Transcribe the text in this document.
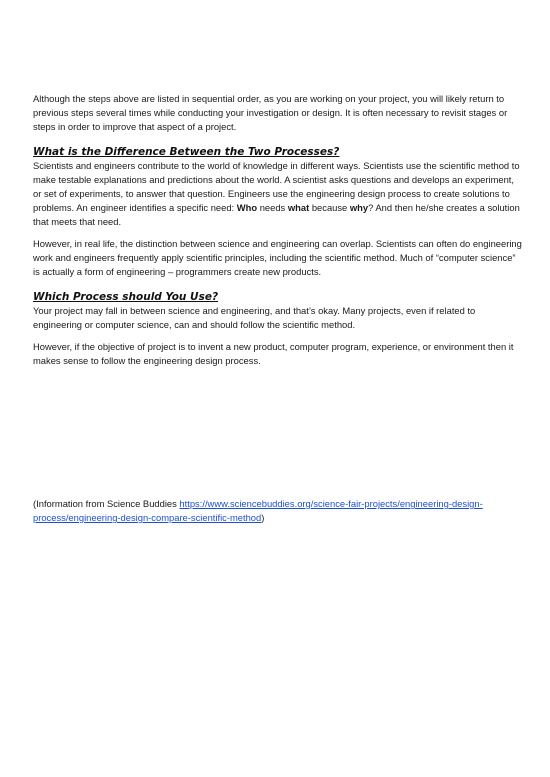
Although the steps above are listed in sequential order, as you are working on your project, you will likely return to previous steps several times while conducting your investigation or design. It is often necessary to revisit stages or steps in order to improve that aspect of a project.

What is the Difference Between the Two Processes?

Scientists and engineers contribute to the world of knowledge in different ways. Scientists use the scientific method to make testable explanations and predictions about the world. A scientist asks questions and develops an experiment, or set of experiments, to answer that question. Engineers use the engineering design process to create solutions to problems. An engineer identifies a specific need: Who needs what because why? And then he/she creates a solution that meets that need.

However, in real life, the distinction between science and engineering can overlap. Scientists can often do engineering work and engineers frequently apply scientific principles, including the scientific method. Much of “computer science” is actually a form of engineering – programmers create new products.

Which Process should You Use?

Your project may fall in between science and engineering, and that’s okay. Many projects, even if related to engineering or computer science, can and should follow the scientific method.

However, if the objective of project is to invent a new product, computer program, experience, or environment then it makes sense to follow the engineering design process.

(Information from Science Buddies https://www.sciencebuddies.org/science-fair-projects/engineering-design-process/engineering-design-compare-scientific-method)
